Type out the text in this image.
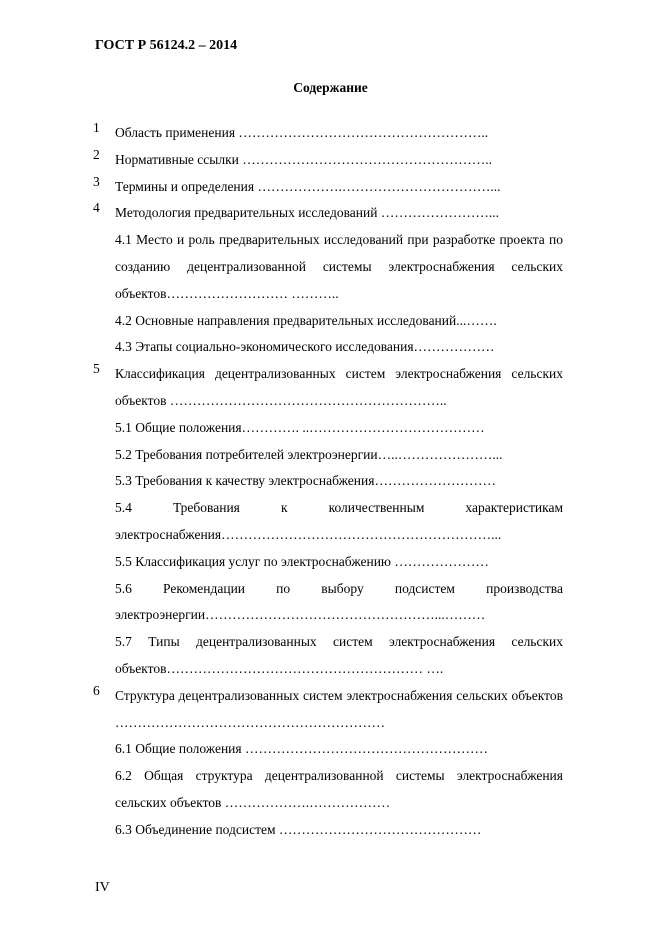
ГОСТ Р 56124.2 – 2014
Содержание
1	Область применения ………………………………………………..
2	Нормативные ссылки ………………………………………………..
3	Термины и определения ……………….……………………………...
4	Методология предварительных исследований ……………………...
4.1 Место и роль предварительных исследований при разработке проекта по созданию децентрализованной системы электроснабжения сельских объектов……………………… ………..
4.2 Основные направления предварительных исследований...…….
4.3 Этапы социально-экономического исследования………………
5	Классификация децентрализованных систем электроснабжения сельских объектов ……………………………………………………..
5.1 Общие положения…………. ..…………………………………
5.2 Требования потребителей электроэнергии…..…………………...
5.3 Требования к качеству электроснабжения………………………
5.4 Требования к количественным характеристикам электроснабжения……………………………………………………...
5.5 Классификация услуг по электроснабжению …………………
5.6 Рекомендации по выбору подсистем производства электроэнергии……………………………………………...………
5.7 Типы децентрализованных систем электроснабжения сельских объектов………………………………………………… ….
6	Структура децентрализованных систем электроснабжения сельских объектов ……………………………………………………
6.1 Общие положения ………………………………………………
6.2 Общая структура децентрализованной системы электроснабжения сельских объектов ……………….………………
6.3 Объединение подсистем ………………………………………
IV
